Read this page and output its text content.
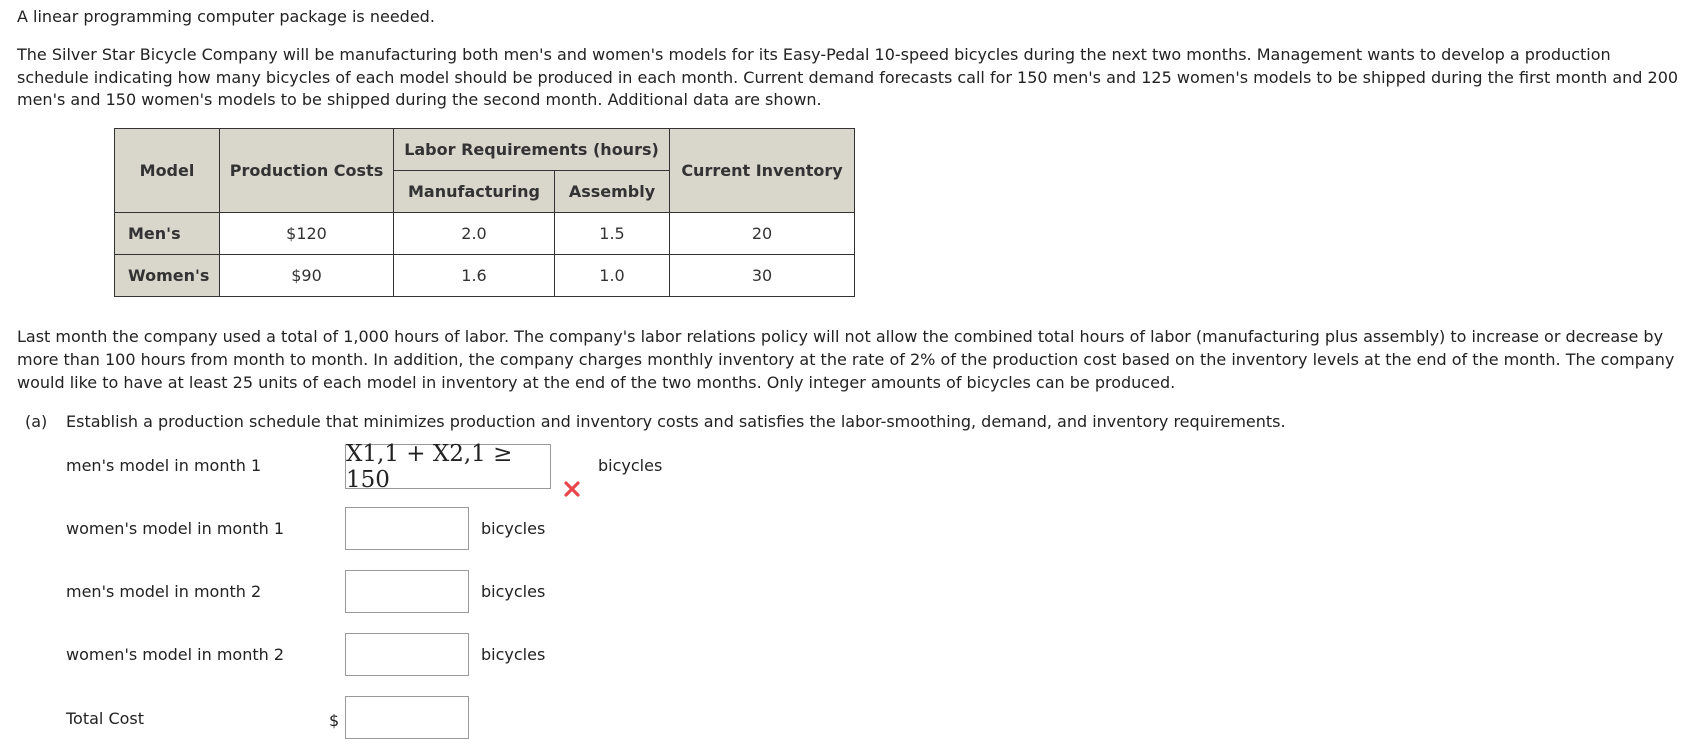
A linear programming computer package is needed.
The Silver Star Bicycle Company will be manufacturing both men's and women's models for its Easy-Pedal 10-speed bicycles during the next two months. Management wants to develop a production schedule indicating how many bicycles of each model should be produced in each month. Current demand forecasts call for 150 men's and 125 women's models to be shipped during the first month and 200 men's and 150 women's models to be shipped during the second month. Additional data are shown.
Model	Production Costs	Labor Requirements (hours)		Current Inventory
		Manufacturing	Assembly	
Men's	$120	2.0	1.5	20
Women's	$90	1.6	1.0	30
Last month the company used a total of 1,000 hours of labor. The company's labor relations policy will not allow the combined total hours of labor (manufacturing plus assembly) to increase or decrease by more than 100 hours from month to month. In addition, the company charges monthly inventory at the rate of 2% of the production cost based on the inventory levels at the end of the month. The company would like to have at least 25 units of each model in inventory at the end of the two months. Only integer amounts of bicycles can be produced.
(a) Establish a production schedule that minimizes production and inventory costs and satisfies the labor-smoothing, demand, and inventory requirements.
men's model in month 1	X1,1 + X2,1 ≥ 150
bicycles
women's model in month 1	bicycles
men's model in month 2	bicycles
women's model in month 2	bicycles
Total Cost	$
